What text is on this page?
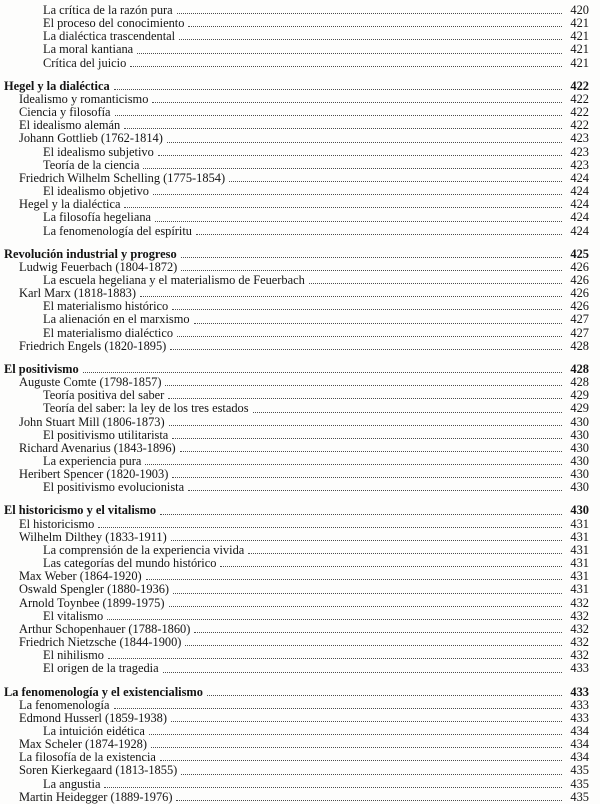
La crítica de la razón pura	420
El proceso del conocimiento	421
La dialéctica trascendental	421
La moral kantiana	421
Crítica del juicio	421
Hegel y la dialéctica	422
Idealismo y romanticismo	422
Ciencia y filosofía	422
El idealismo alemán	422
Johann Gottlieb (1762-1814)	423
El idealismo subjetivo	423
Teoría de la ciencia	423
Friedrich Wilhelm Schelling (1775-1854)	424
El idealismo objetivo	424
Hegel y la dialéctica	424
La filosofía hegeliana	424
La fenomenología del espíritu	424
Revolución industrial y progreso	425
Ludwig Feuerbach (1804-1872)	426
La escuela hegeliana y el materialismo de Feuerbach	426
Karl Marx (1818-1883)	426
El materialismo histórico	426
La alienación en el marxismo	427
El materialismo dialéctico	427
Friedrich Engels (1820-1895)	428
El positivismo	428
Auguste Comte (1798-1857)	428
Teoría positiva del saber	429
Teoría del saber: la ley de los tres estados	429
John Stuart Mill (1806-1873)	430
El positivismo utilitarista	430
Richard Avenarius (1843-1896)	430
La experiencia pura	430
Heribert Spencer (1820-1903)	430
El positivismo evolucionista	430
El historicismo y el vitalismo	430
El historicismo	431
Wilhelm Dilthey (1833-1911)	431
La comprensión de la experiencia vivida	431
Las categorías del mundo histórico	431
Max Weber (1864-1920)	431
Oswald Spengler (1880-1936)	431
Arnold Toynbee (1899-1975)	432
El vitalismo	432
Arthur Schopenhauer (1788-1860)	432
Friedrich Nietzsche (1844-1900)	432
El nihilismo	432
El origen de la tragedia	433
La fenomenología y el existencialismo	433
La fenomenología	433
Edmond Husserl (1859-1938)	433
La intuición eidética	434
Max Scheler (1874-1928)	434
La filosofía de la existencia	434
Soren Kierkegaard (1813-1855)	435
La angustia	435
Martin Heidegger (1889-1976)	435
